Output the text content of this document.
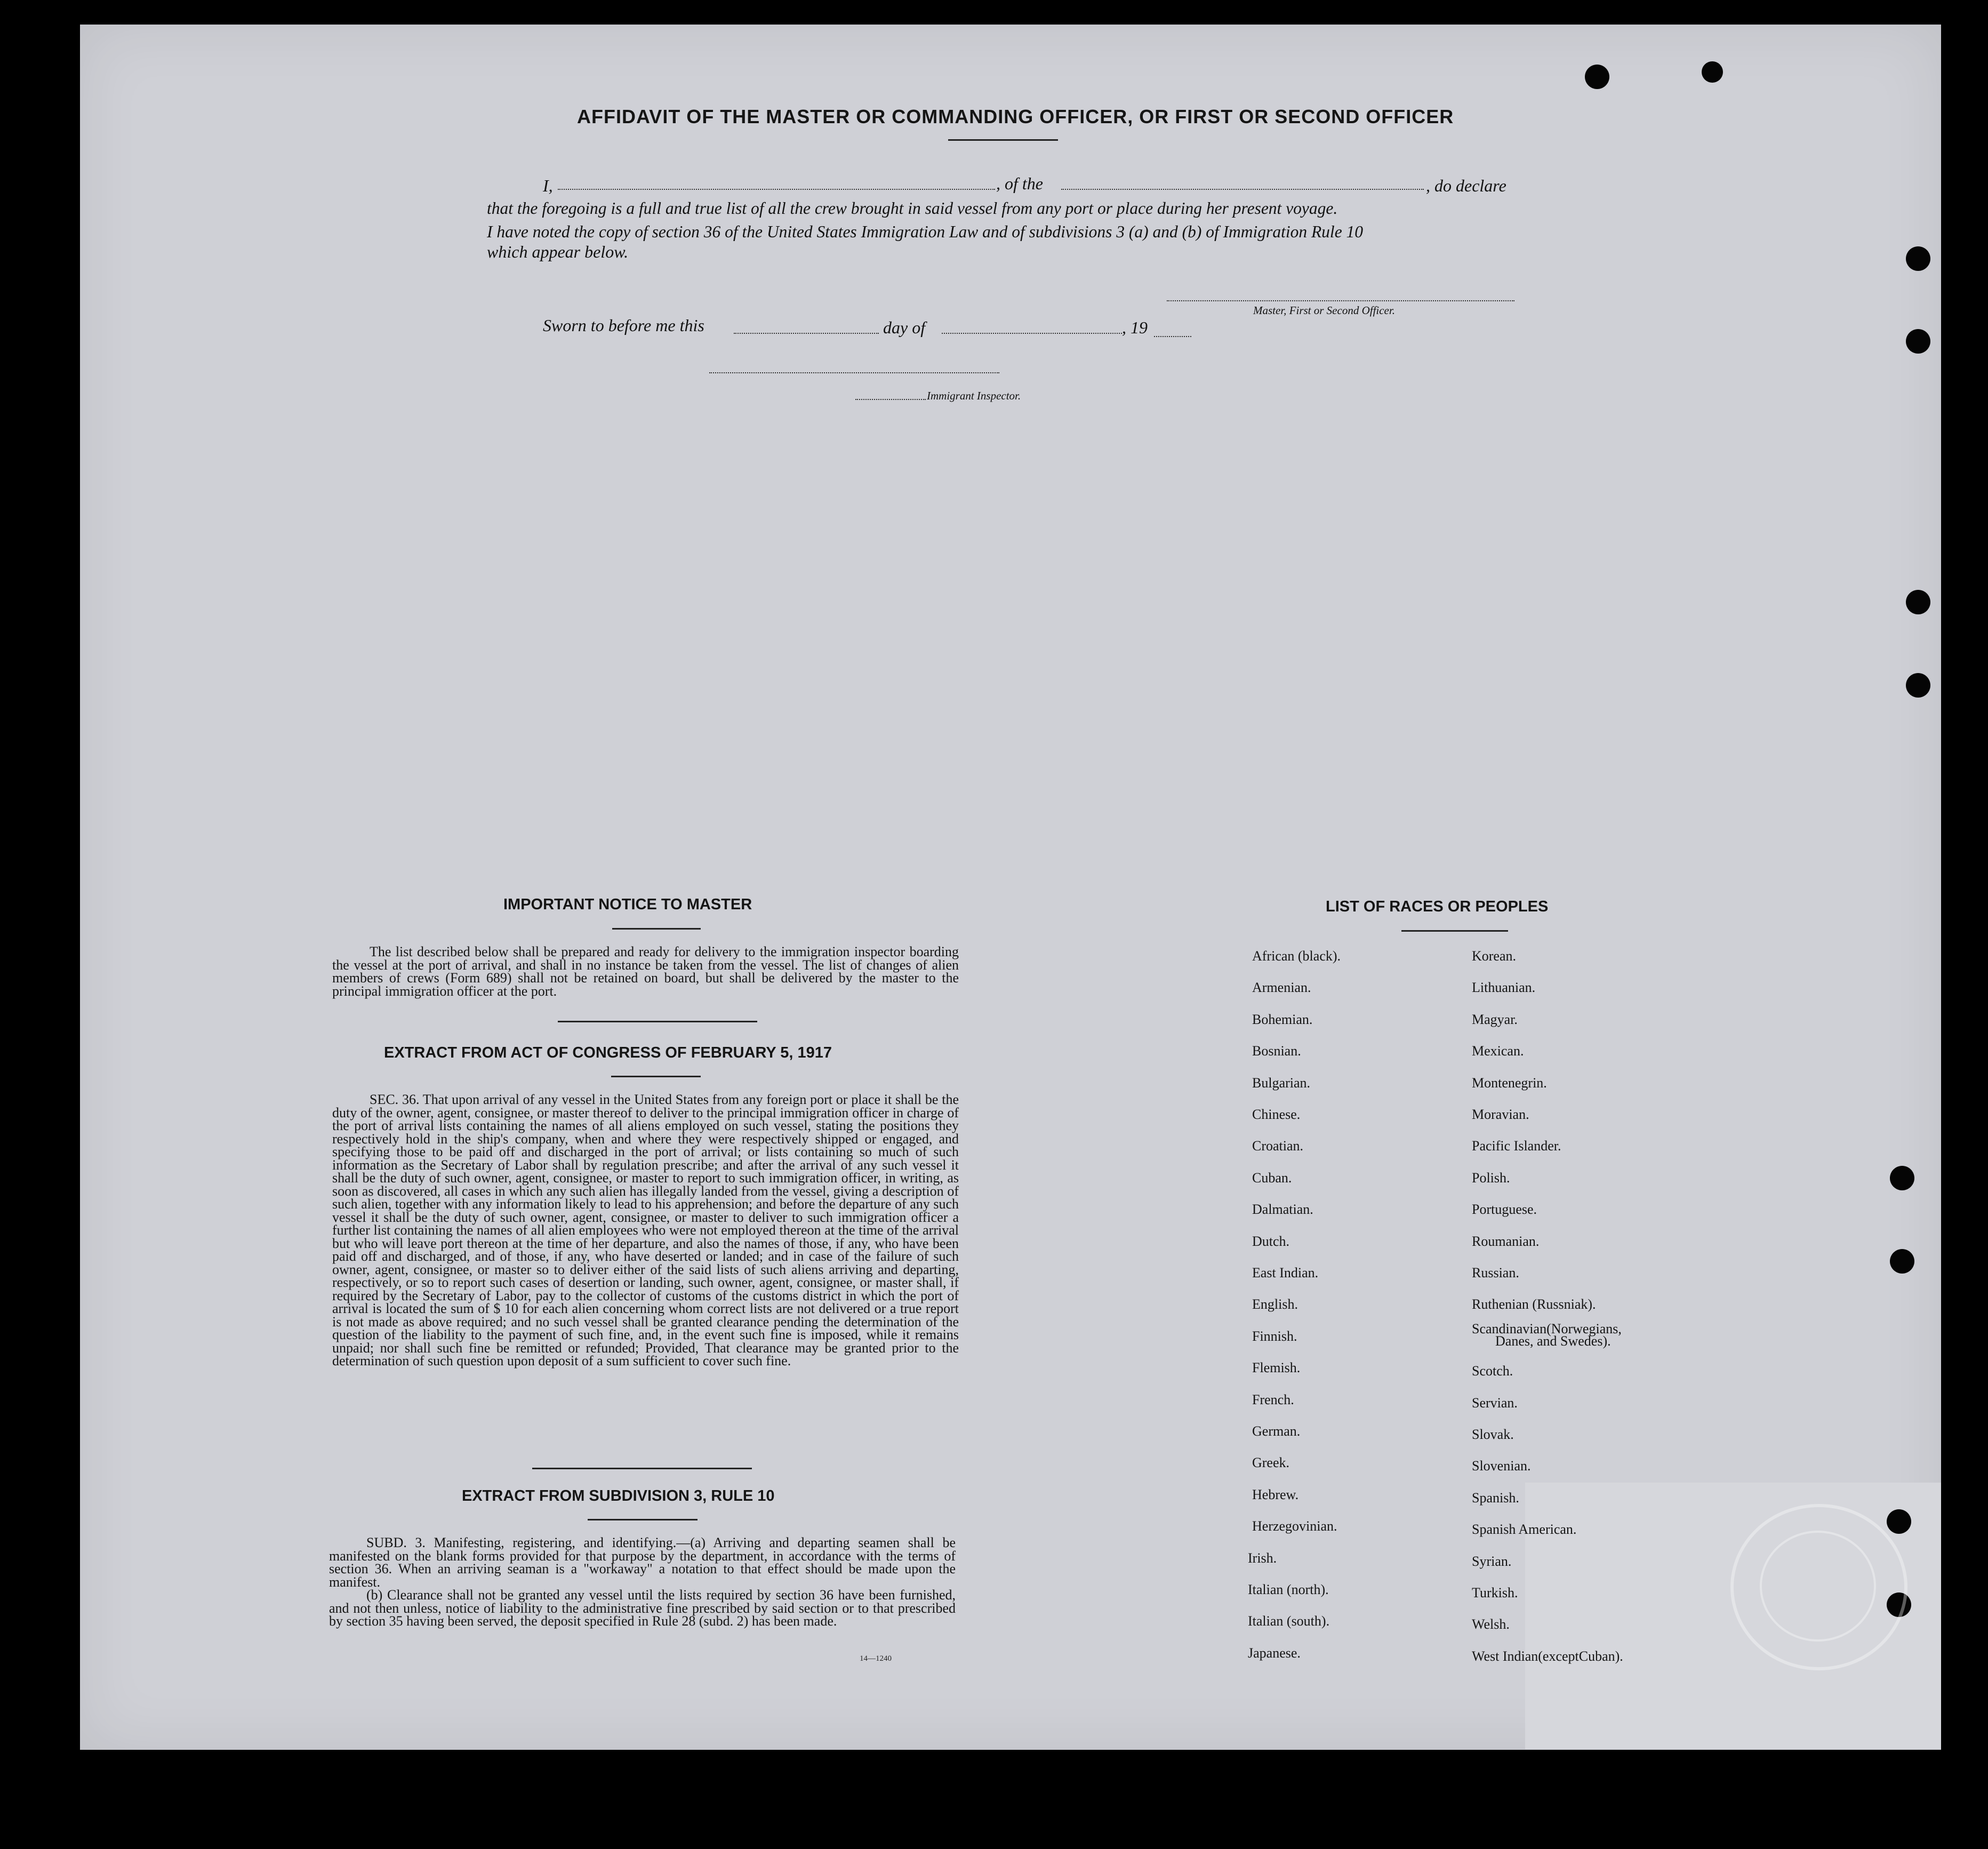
AFFIDAVIT OF THE MASTER OR COMMANDING OFFICER, OR FIRST OR SECOND OFFICER
I,	, of the	, do declare
that the foregoing is a full and true list of all the crew brought in said vessel from any port or place during her present voyage.
I have noted the copy of section 36 of the United States Immigration Law and of subdivisions 3 (a) and (b) of Immigration Rule 10
which appear below.
Master, First or Second Officer.
Sworn to before me this	day of	, 19
Immigrant Inspector.
IMPORTANT NOTICE TO MASTER

The list described below shall be prepared and ready for delivery to the immigration inspector boarding the vessel at the port of arrival, and shall in no instance be taken from the vessel. The list of changes of alien members of crews (Form 689) shall not be retained on board, but shall be delivered by the master to the principal immigration officer at the port.

EXTRACT FROM ACT OF CONGRESS OF FEBRUARY 5, 1917

SEC. 36. That upon arrival of any vessel in the United States from any foreign port or place it shall be the duty of the owner, agent, consignee, or master thereof to deliver to the principal immigration officer in charge of the port of arrival lists containing the names of all aliens employed on such vessel, stating the positions they respectively hold in the ship's company, when and where they were respectively shipped or engaged, and specifying those to be paid off and discharged in the port of arrival; or lists containing so much of such information as the Secretary of Labor shall by regulation prescribe; and after the arrival of any such vessel it shall be the duty of such owner, agent, consignee, or master to report to such immigration officer, in writing, as soon as discovered, all cases in which any such alien has illegally landed from the vessel, giving a description of such alien, together with any information likely to lead to his apprehension; and before the departure of any such vessel it shall be the duty of such owner, agent, consignee, or master to deliver to such immigration officer a further list containing the names of all alien employees who were not employed thereon at the time of the arrival but who will leave port thereon at the time of her departure, and also the names of those, if any, who have been paid off and discharged, and of those, if any, who have deserted or landed; and in case of the failure of such owner, agent, consignee, or master so to deliver either of the said lists of such aliens arriving and departing, respectively, or so to report such cases of desertion or landing, such owner, agent, consignee, or master shall, if required by the Secretary of Labor, pay to the collector of customs of the customs district in which the port of arrival is located the sum of $ 10 for each alien concerning whom correct lists are not delivered or a true report is not made as above required; and no such vessel shall be granted clearance pending the determination of the question of the liability to the payment of such fine, and, in the event such fine is imposed, while it remains unpaid; nor shall such fine be remitted or refunded; Provided, That clearance may be granted prior to the determination of such question upon deposit of a sum sufficient to cover such fine.

EXTRACT FROM SUBDIVISION 3, RULE 10

SUBD. 3. Manifesting, registering, and identifying.—(a) Arriving and departing seamen shall be manifested on the blank forms provided for that purpose by the department, in accordance with the terms of section 36. When an arriving seaman is a "workaway" a notation to that effect should be made upon the manifest.

(b) Clearance shall not be granted any vessel until the lists required by section 36 have been furnished, and not then unless, notice of liability to the administrative fine prescribed by said section or to that prescribed by section 35 having been served, the deposit specified in Rule 28 (subd. 2) has been made.

14—1240
LIST OF RACES OR PEOPLES
African (black).
Armenian.
Bohemian.
Bosnian.
Bulgarian.
Chinese.
Croatian.
Cuban.
Dalmatian.
Dutch.
East Indian.
English.
Finnish.
Flemish.
French.
German.
Greek.
Hebrew.
Herzegovinian.
Irish.
Italian (north).
Italian (south).
Japanese.
Korean.
Lithuanian.
Magyar.
Mexican.
Montenegrin.
Moravian.
Pacific Islander.
Polish.
Portuguese.
Roumanian.
Russian.
Ruthenian (Russniak).
Scandinavian(Norwegians,
Scotch.
Servian.
Slovak.
Slovenian.
Spanish.
Spanish American.
Syrian.
Turkish.
Welsh.
West Indian(exceptCuban).
Danes, and Swedes).
